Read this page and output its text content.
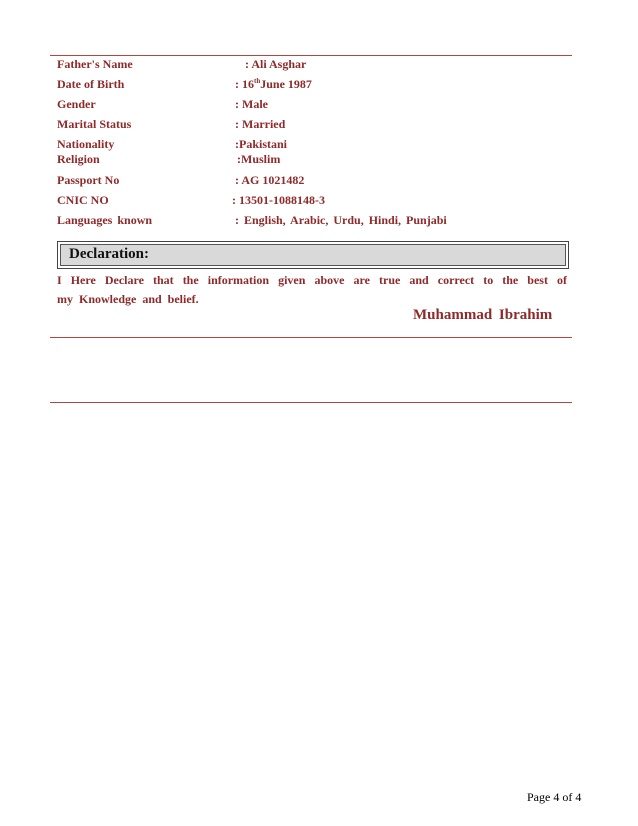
Father's Name	: Ali Asghar
Date of Birth	: 16thJune 1987
Gender	: Male
Marital Status	: Married
Nationality	:Pakistani
Religion	:Muslim
Passport No	: AG 1021482
CNIC NO	: 13501-1088148-3
Languages known	: English, Arabic, Urdu, Hindi, Punjabi
Declaration:
I Here Declare that the information given above are true and correct to the best of
my Knowledge and belief.
Muhammad Ibrahim
Page 4 of 4
